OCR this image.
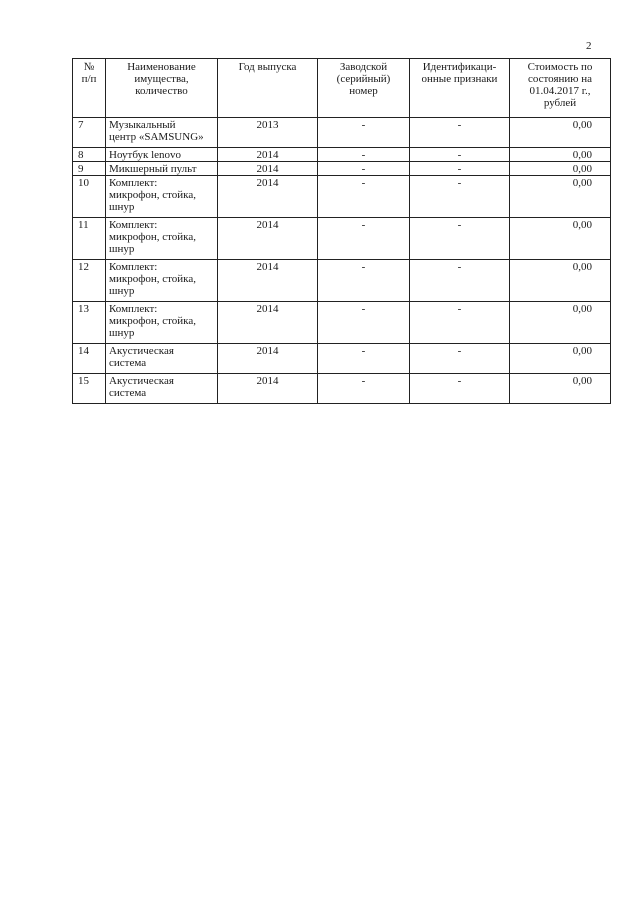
2
№
п/п	Наименование
имущества,
количество	Год выпуска	Заводской
(серийный)
номер	Идентификаци-
онные признаки	Стоимость по
состоянию на
01.04.2017 г.,
рублей

7	Музыкальный
центр «SAMSUNG»	2013	-	-	0,00
8	Ноутбук lenovo	2014	-	-	0,00
9	Микшерный пульт	2014	-	-	0,00
10	Комплект:
микрофон, стойка,
шнур	2014	-	-	0,00
11	Комплект:
микрофон, стойка,
шнур	2014	-	-	0,00
12	Комплект:
микрофон, стойка,
шнур	2014	-	-	0,00
13	Комплект:
микрофон, стойка,
шнур	2014	-	-	0,00
14	Акустическая
система	2014	-	-	0,00
15	Акустическая
система	2014	-	-	0,00
